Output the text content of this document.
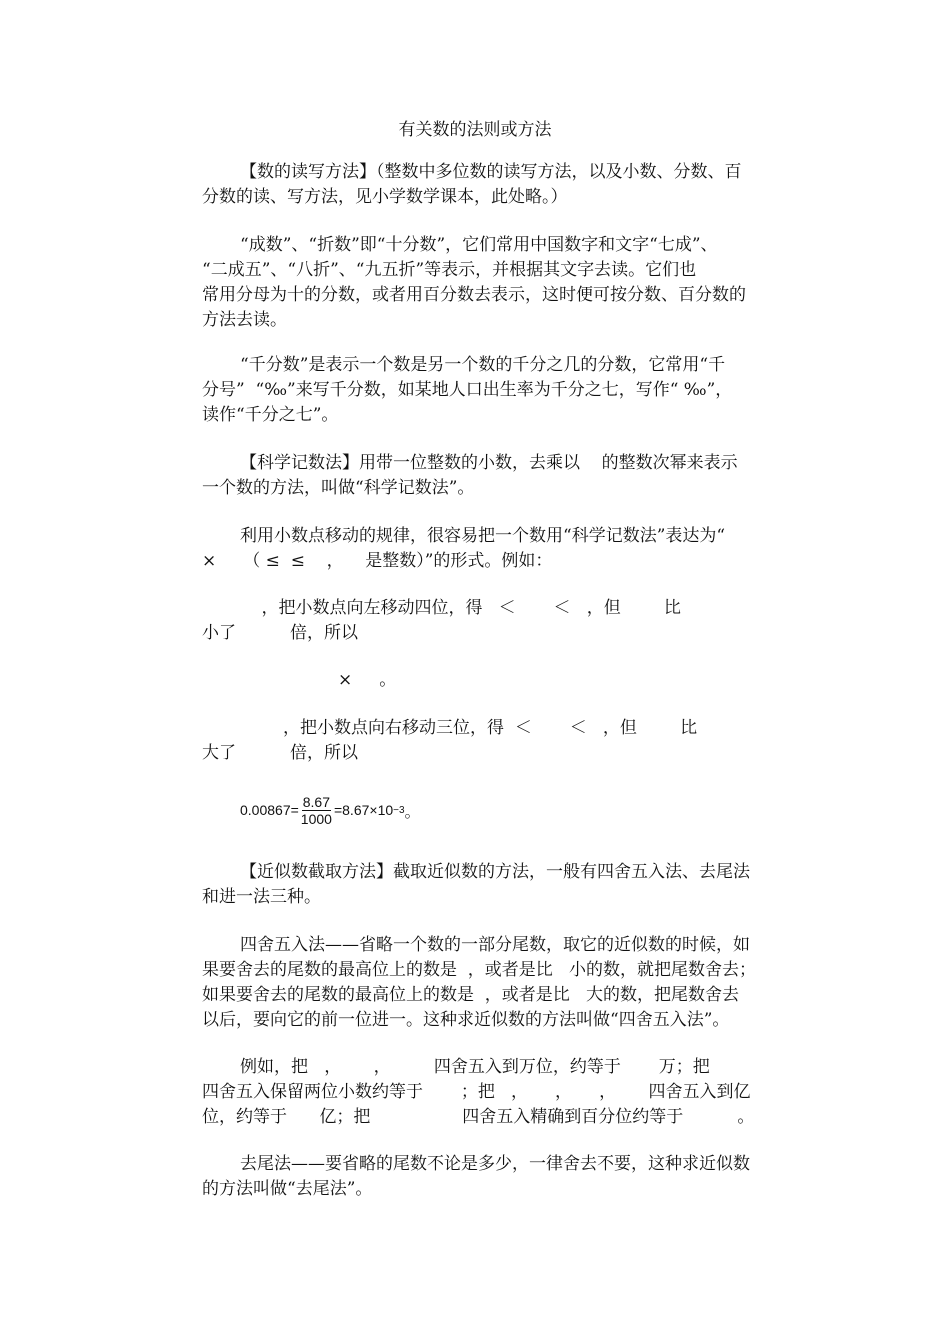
有关数的法则或方法
【数的读写方法】（整数中多位数的读写方法，以及小数、分数、百
分数的读、写方法，见小学数学课本，此处略。）
“成数”、“折数”即“十分数”，它们常用中国数字和文字“七成”、
“二成五”、“八折”、“九五折”等表示，并根据其文字去读。它们也
常用分母为十的分数，或者用百分数去表示，这时便可按分数、百分数的
方法去读。
“千分数”是表示一个数是另一个数的千分之几的分数，它常用“千
分号”  “‰”来写千分数，如某地人口出生率为千分之七，写作“ ‰”，
读作“千分之七”。
【科学记数法】用带一位整数的小数，去乘以    的整数次幂来表示
一个数的方法，叫做“科学记数法”。
利用小数点移动的规律，很容易把一个数用“科学记数法”表达为“
×     （ ≤  ≤    ，    是整数）”的形式。例如：
，把小数点向左移动四位，得   ＜       ＜   ，但        比
小了          倍，所以
×     。
，把小数点向右移动三位，得  ＜       ＜   ，但        比
大了          倍，所以
$0.00867 = \frac{8.67}{1000} = 8.67\times 10 -3$ 。
【近似数截取方法】截取近似数的方法，一般有四舍五入法、去尾法
和进一法三种。
四舍五入法——省略一个数的一部分尾数，取它的近似数的时候，如
果要舍去的尾数的最高位上的数是  ，或者是比   小的数，就把尾数舍去；
如果要舍去的尾数的最高位上的数是  ，或者是比   大的数，把尾数舍去
以后，要向它的前一位进一。这种求近似数的方法叫做“四舍五入法”。
例如，把   ，      ，        四舍五入到万位，约等于       万；把
四舍五入保留两位小数约等于       ；把   ，     ，     ，      四舍五入到亿
位，约等于      亿；把                 四舍五入精确到百分位约等于          。
去尾法——要省略的尾数不论是多少，一律舍去不要，这种求近似数
的方法叫做“去尾法”。
